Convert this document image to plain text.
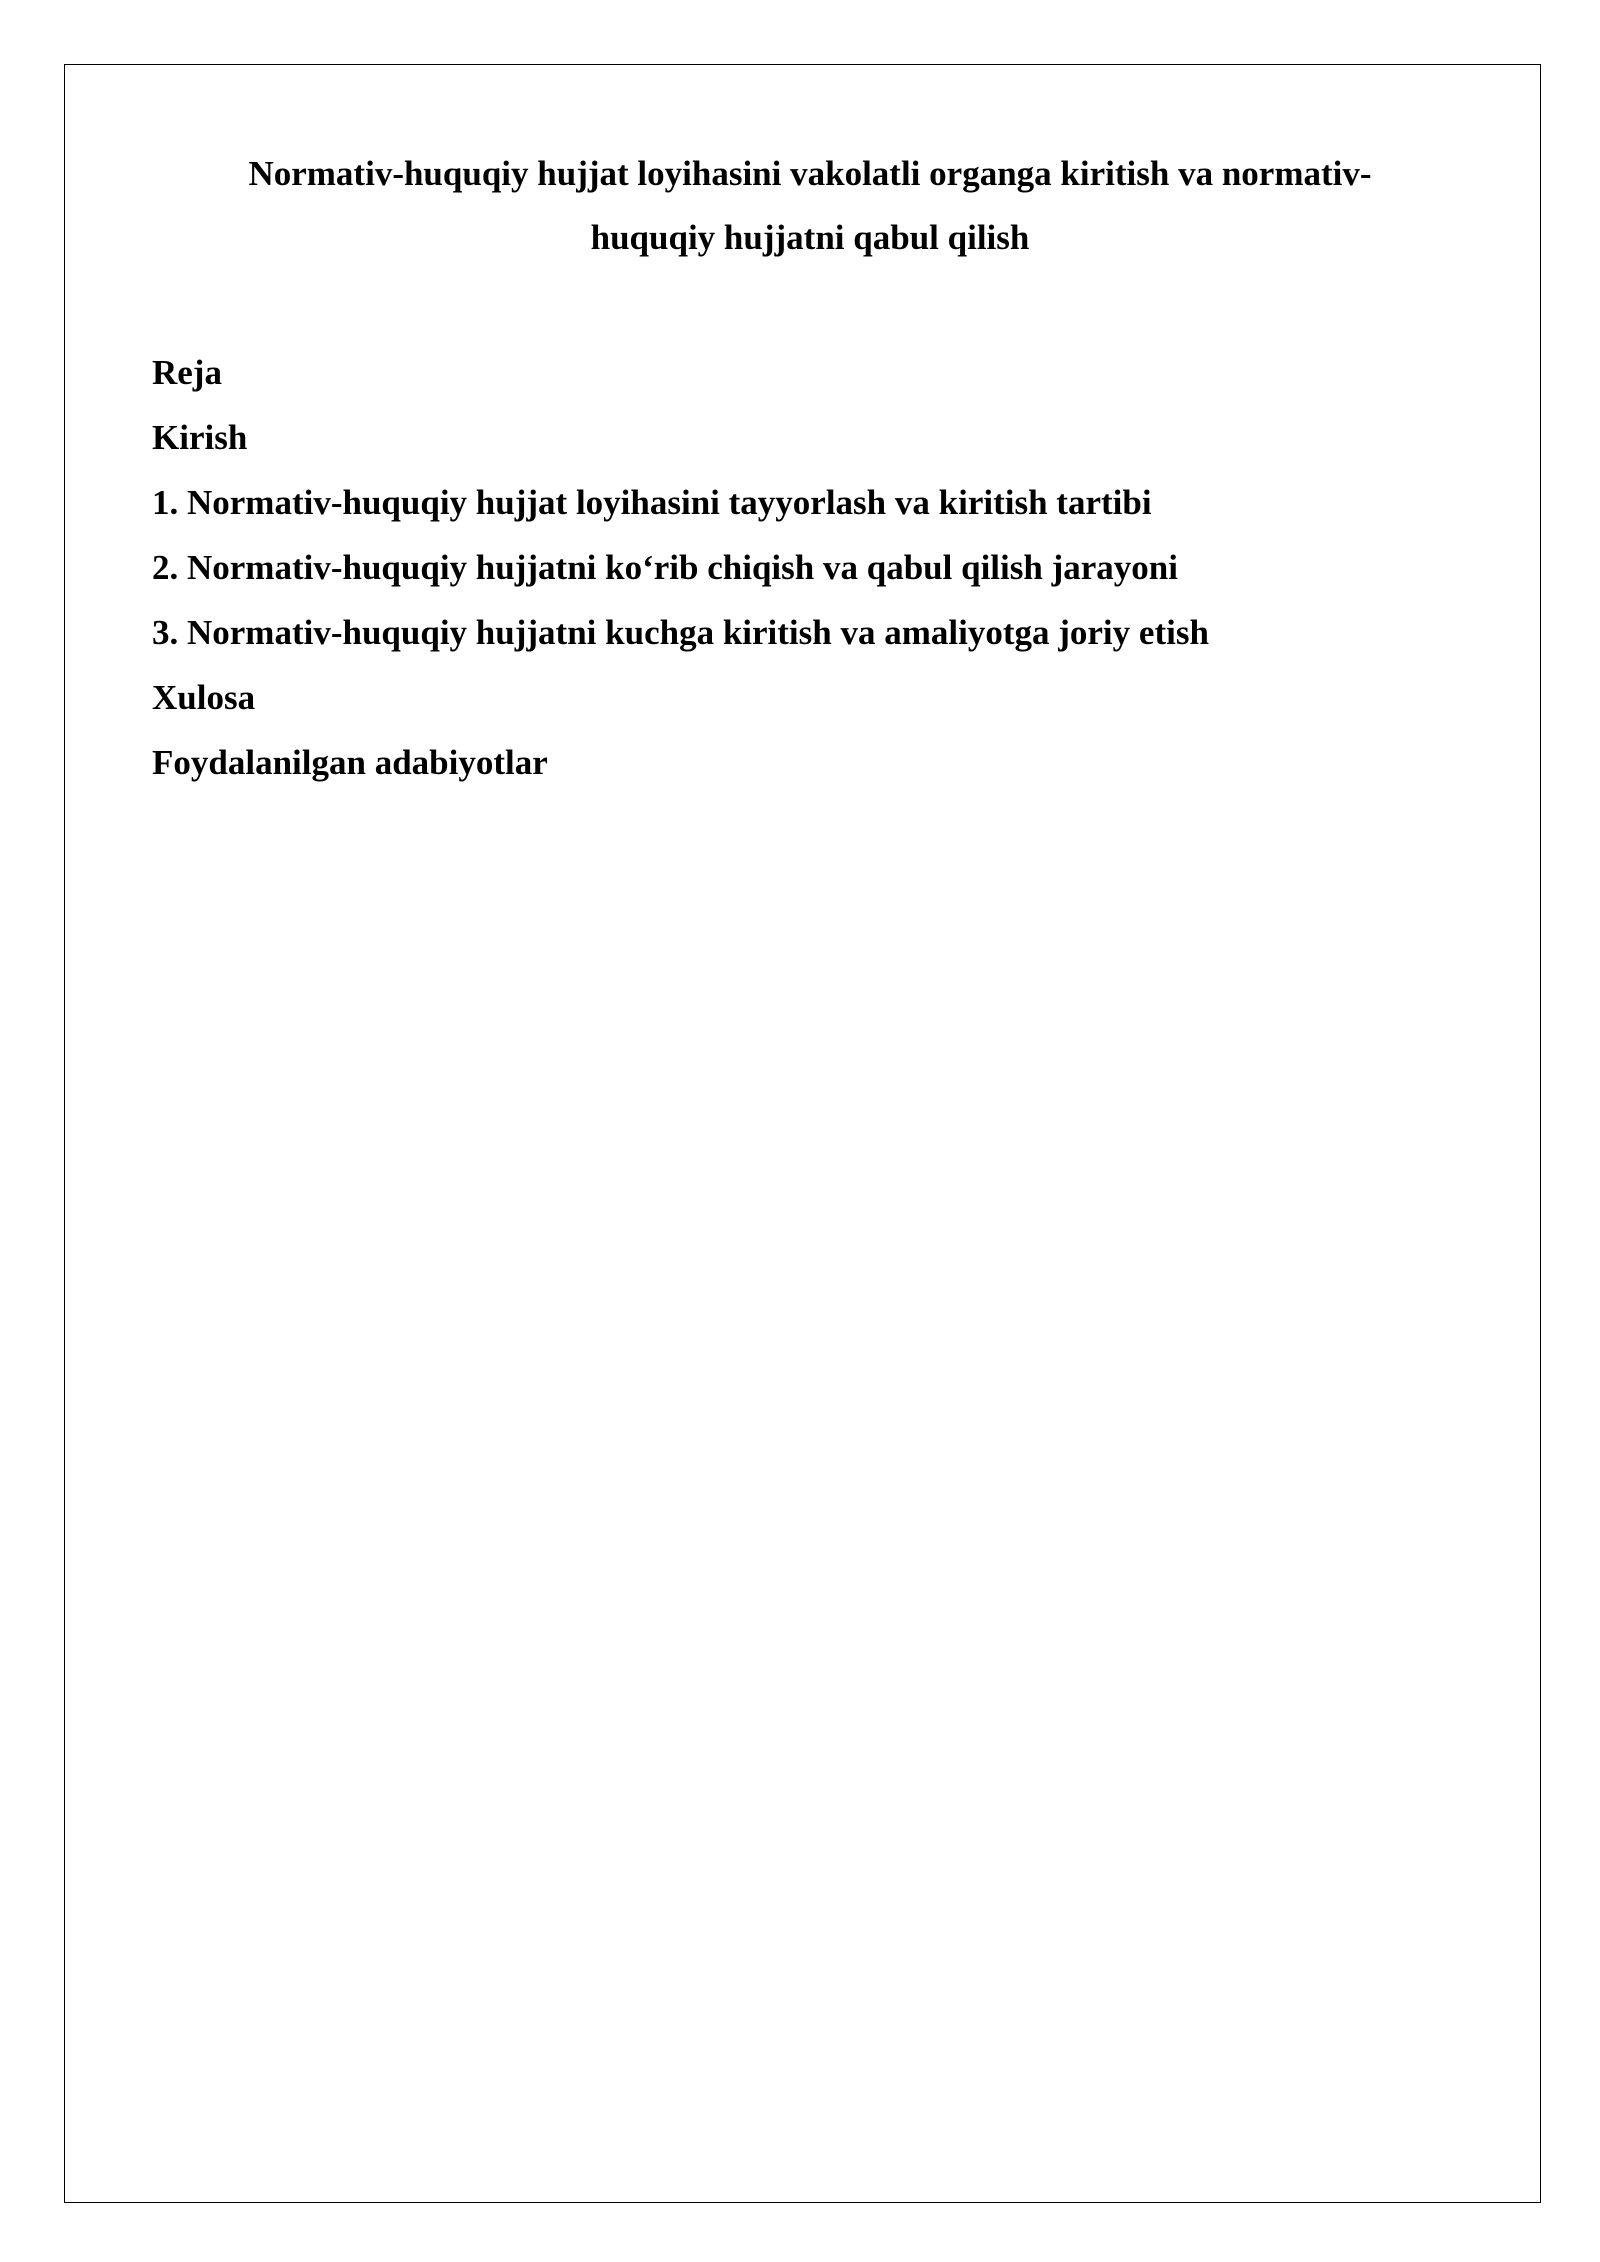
Normativ-huquqiy hujjat loyihasini vakolatli organga kiritish va normativ-huquqiy hujjatni qabul qilish
Reja
Kirish
1. Normativ-huquqiy hujjat loyihasini tayyorlash va kiritish tartibi
2. Normativ-huquqiy hujjatni ko‘rib chiqish va qabul qilish jarayoni
3. Normativ-huquqiy hujjatni kuchga kiritish va amaliyotga joriy etish
Xulosa
Foydalanilgan adabiyotlar
